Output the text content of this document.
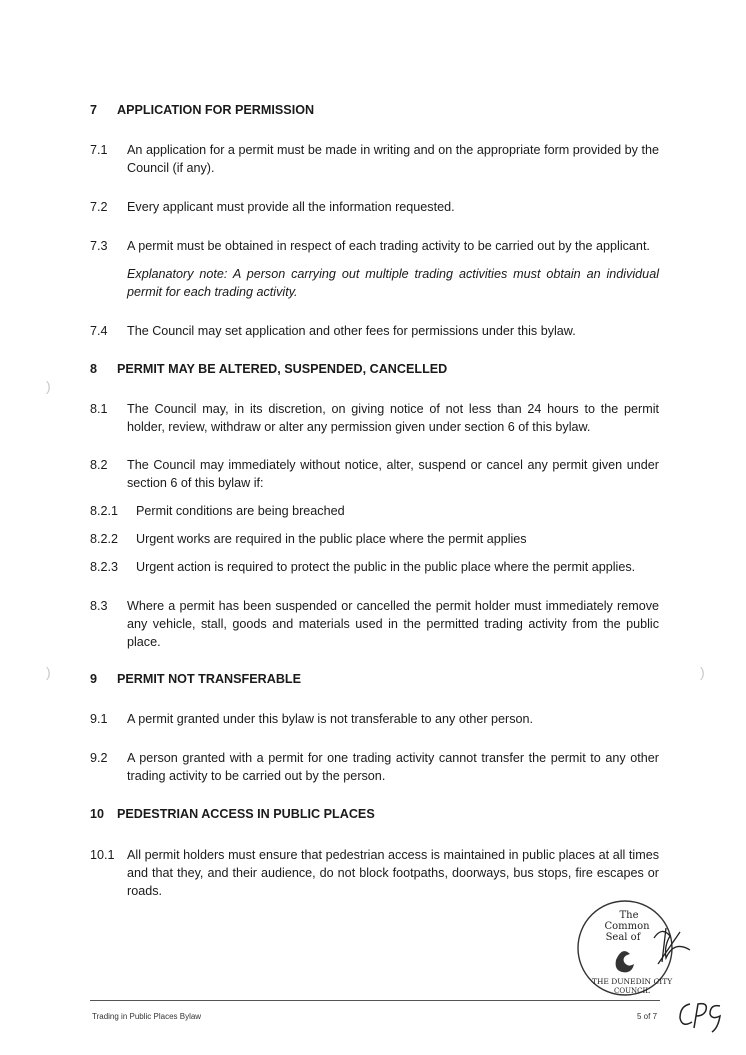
7 APPLICATION FOR PERMISSION
7.1 An application for a permit must be made in writing and on the appropriate form provided by the Council (if any).
7.2 Every applicant must provide all the information requested.
7.3 A permit must be obtained in respect of each trading activity to be carried out by the applicant.
Explanatory note: A person carrying out multiple trading activities must obtain an individual permit for each trading activity.
7.4 The Council may set application and other fees for permissions under this bylaw.
8 PERMIT MAY BE ALTERED, SUSPENDED, CANCELLED
8.1 The Council may, in its discretion, on giving notice of not less than 24 hours to the permit holder, review, withdraw or alter any permission given under section 6 of this bylaw.
8.2 The Council may immediately without notice, alter, suspend or cancel any permit given under section 6 of this bylaw if:
8.2.1 Permit conditions are being breached
8.2.2 Urgent works are required in the public place where the permit applies
8.2.3 Urgent action is required to protect the public in the public place where the permit applies.
8.3 Where a permit has been suspended or cancelled the permit holder must immediately remove any vehicle, stall, goods and materials used in the permitted trading activity from the public place.
9 PERMIT NOT TRANSFERABLE
9.1 A permit granted under this bylaw is not transferable to any other person.
9.2 A person granted with a permit for one trading activity cannot transfer the permit to any other trading activity to be carried out by the person.
10 PEDESTRIAN ACCESS IN PUBLIC PLACES
10.1 All permit holders must ensure that pedestrian access is maintained in public places at all times and that they, and their audience, do not block footpaths, doorways, bus stops, fire escapes or roads.
The
Common
Seal of
THE DUNEDIN CITY
COUNCIL
Trading in Public Places Bylaw	5 of 7
)
)	)
